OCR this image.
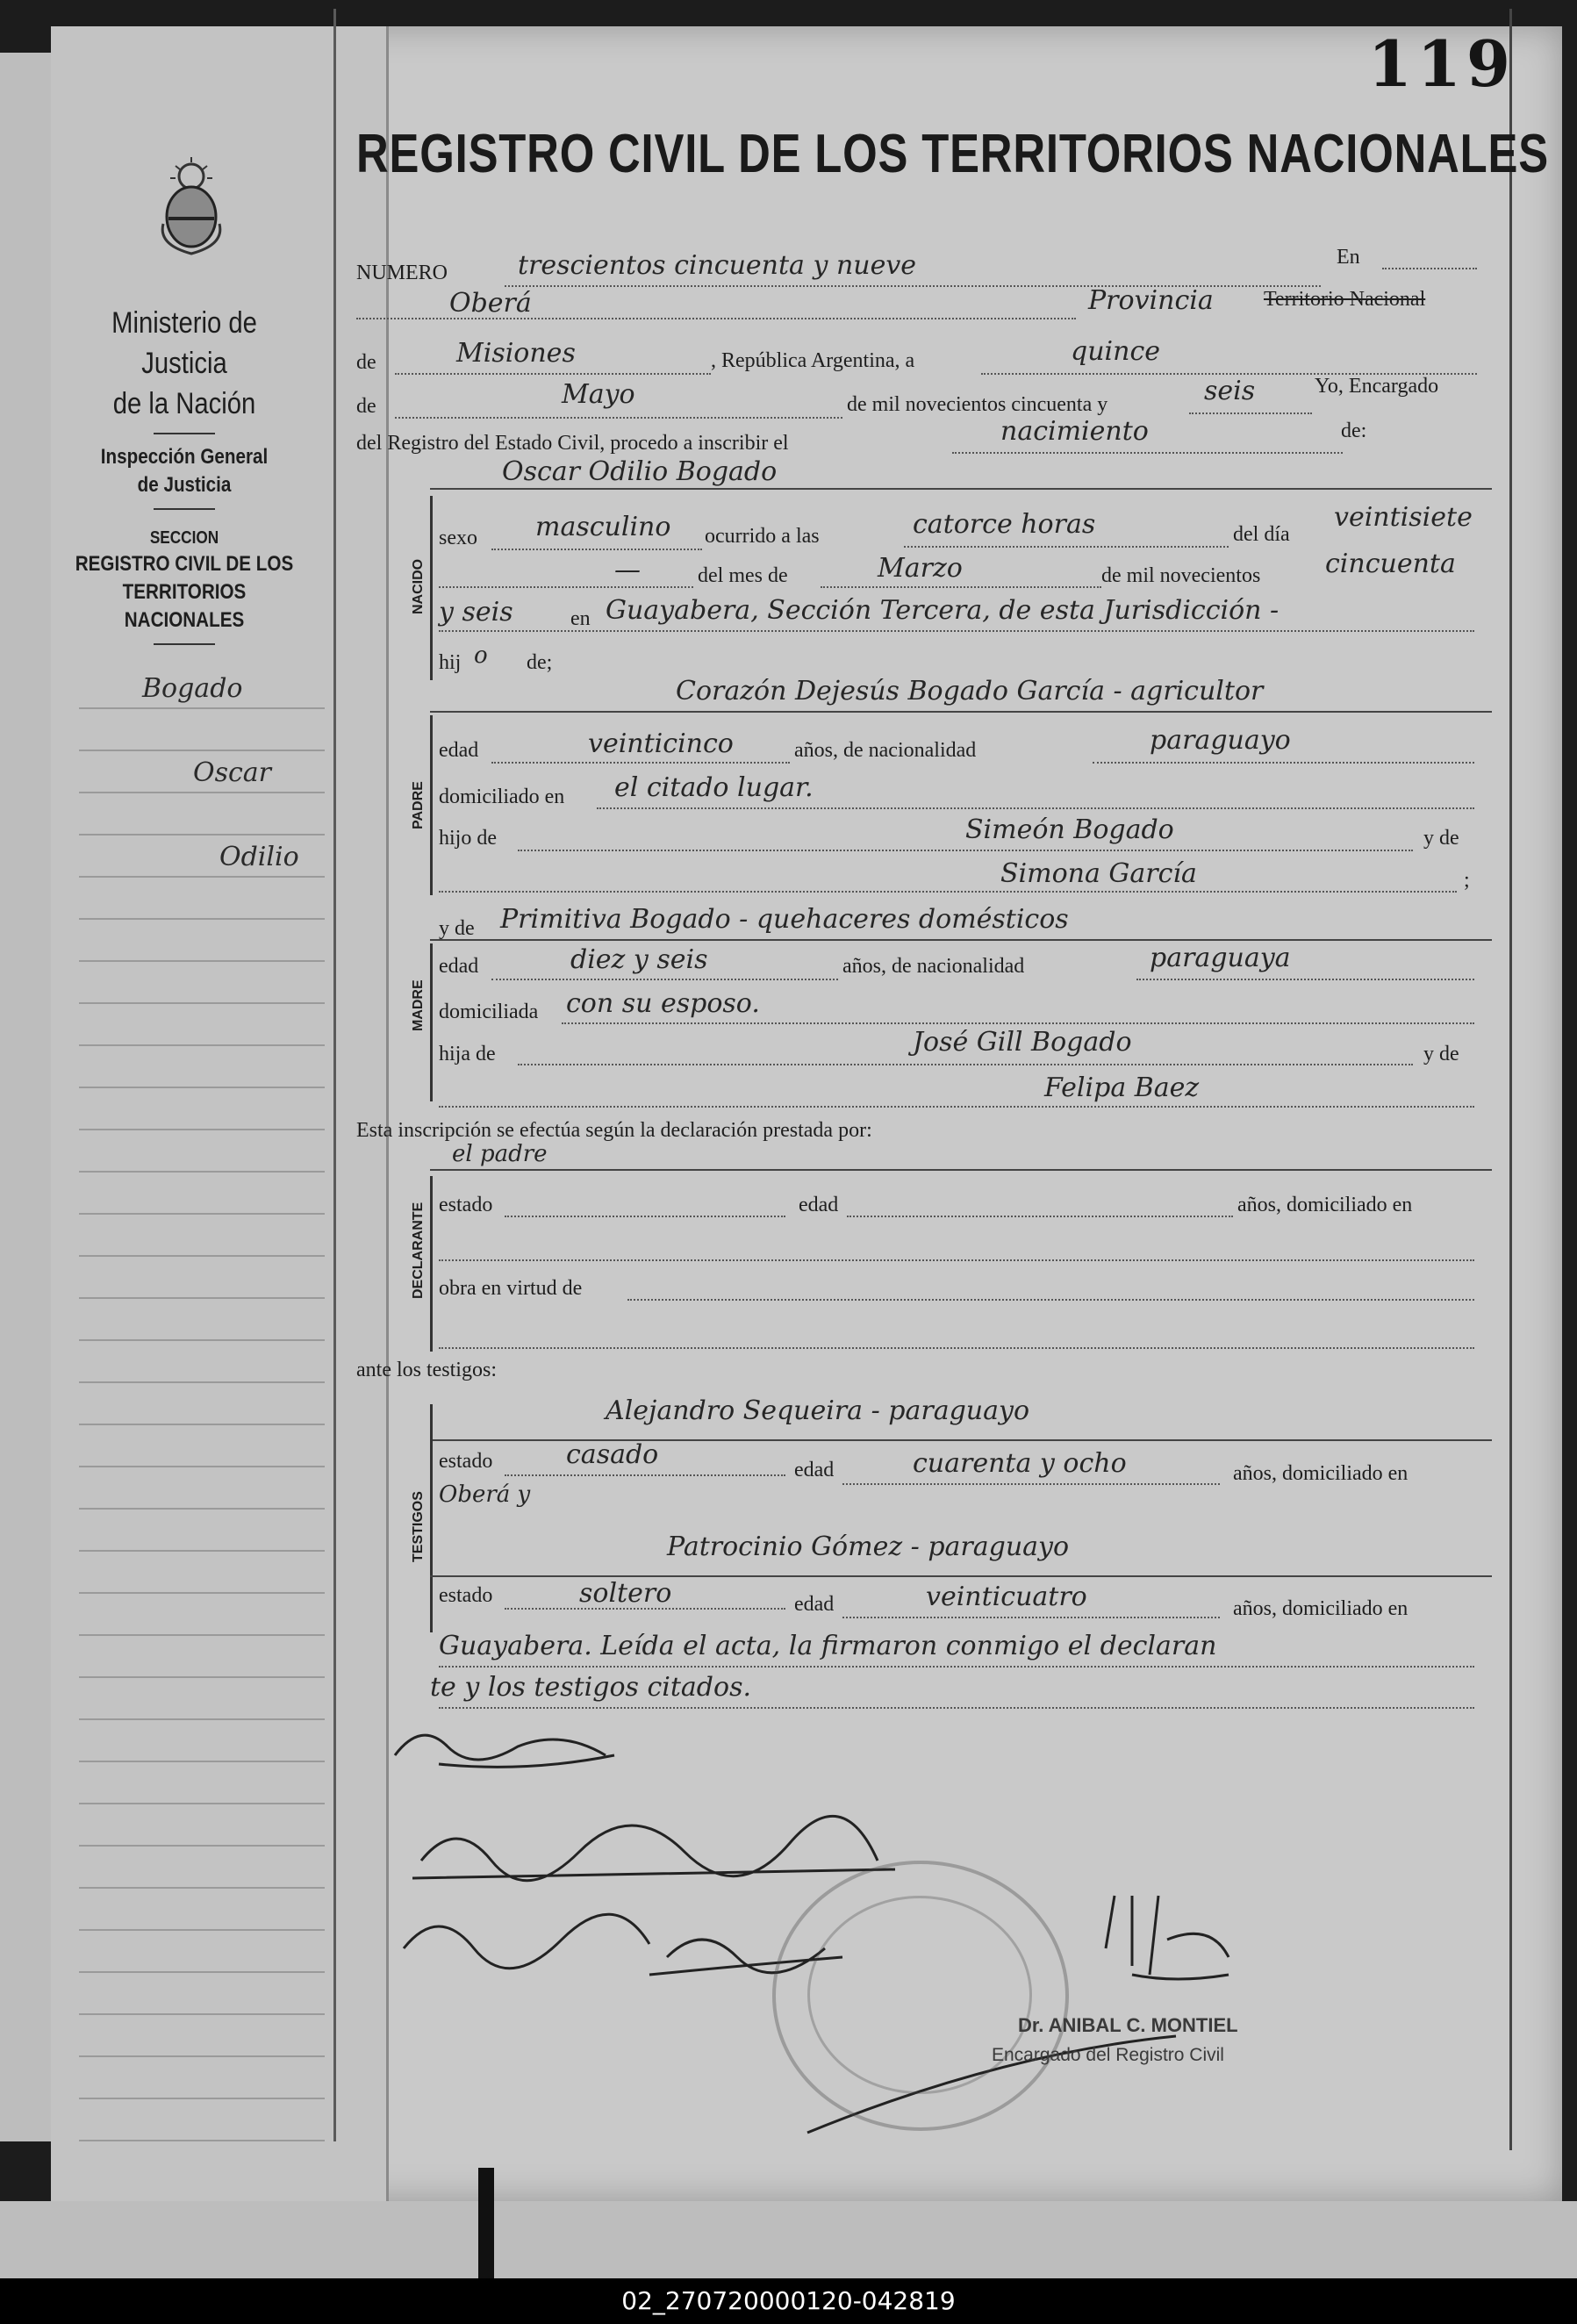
119
Ministerio de Justicia
de la Nación
Inspección General
de Justicia
SECCION
REGISTRO CIVIL DE LOS
TERRITORIOS NACIONALES
Bogado
Oscar
Odilio
REGISTRO CIVIL DE LOS TERRITORIOS NACIONALES
NUMERO	trescientos cincuenta y nueve	En
Oberá	Provincia Territorio Nacional
de	Misiones	, República Argentina, a	quince
de	Mayo	de mil novecientos cincuenta y	seis	Yo, Encargado
del Registro del Estado Civil, procedo a inscribir el	nacimiento	de:
Oscar Odilio Bogado
NACIDO
sexo masculino ocurrido a las	catorce horas	del día
veintisiete
—	del mes de	Marzo	de mil novecientos cincuenta
y seis	en Guayabera, Sección Tercera, de esta Jurisdicción -
hij o de;
Corazón Dejesús Bogado García - agricultor
PADRE
edad	veinticinco	años, de nacionalidad	paraguayo
domiciliado en el citado lugar.
hijo de	Simeón Bogado	y de
Simona García	;
y de Primitiva Bogado - quehaceres domésticos
MADRE
edad	diez y seis	años, de nacionalidad	paraguaya
domiciliada con su esposo.
hija de	José Gill Bogado	y de
Felipa Baez
Esta inscripción se efectúa según la declaración prestada por:
el padre
DECLARANTE estado	edad	años, domiciliado en
obra en virtud de
ante los testigos:
Alejandro Sequeira - paraguayo
TESTIGOS
estado	casado	edad	cuarenta y ocho	años, domiciliado en
Oberá y
Patrocinio Gómez - paraguayo
estado	soltero	edad	veinticuatro	años, domiciliado en
Guayabera. Leída el acta, la firmaron conmigo el declaran
te y los testigos citados.
Dr. ANIBAL C. MONTIEL
Encargado del Registro Civil
02_270720000120-042819
